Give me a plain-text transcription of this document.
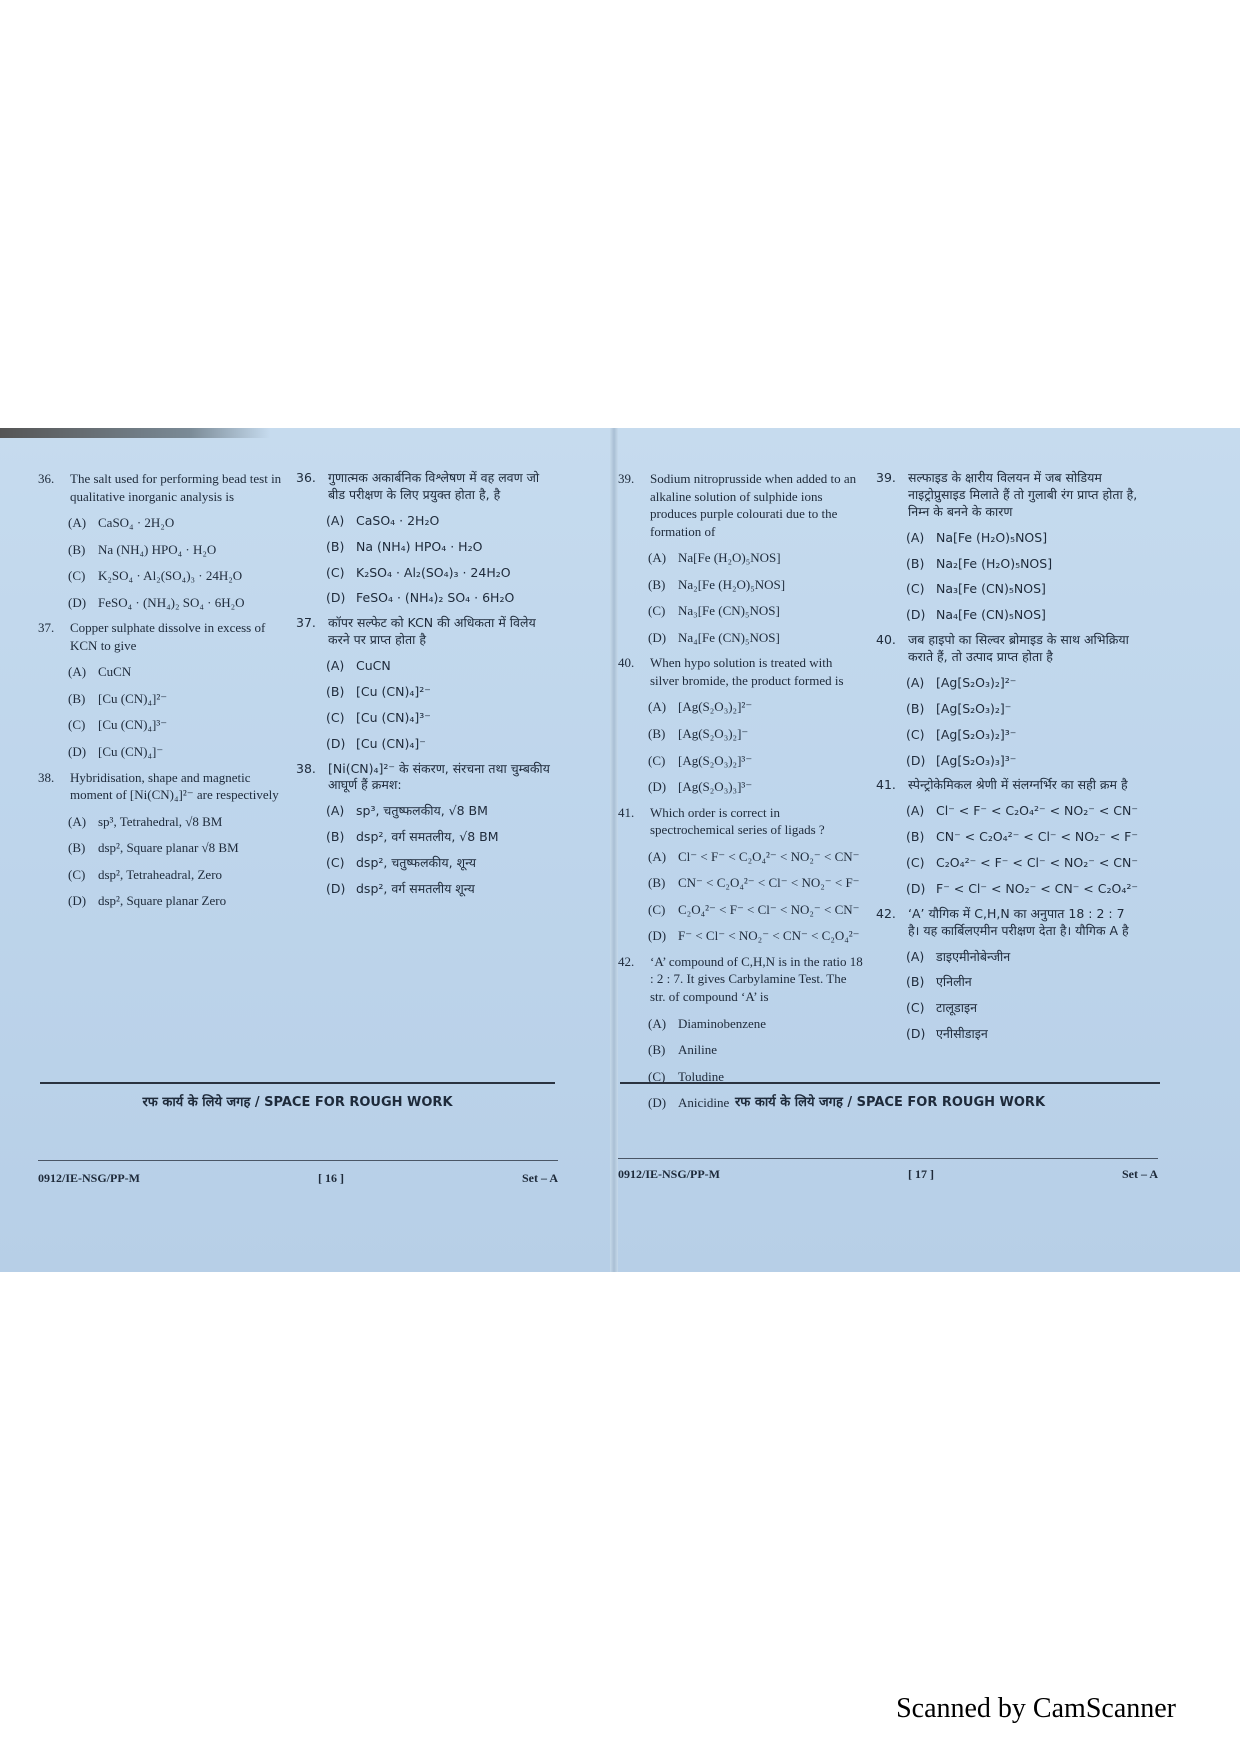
36.	The salt used for performing bead test in qualitative inorganic analysis is
(A) CaSO₄ · 2H₂O
(B) Na (NH₄) HPO₄ · H₂O
(C) K₂SO₄ · Al₂(SO₄)₃ · 24H₂O
(D) FeSO₄ · (NH₄)₂ SO₄ · 6H₂O
37.	Copper sulphate dissolve in excess of KCN to give
(A) CuCN
(B) [Cu (CN)₄]²⁻
(C) [Cu (CN)₄]³⁻
(D) [Cu (CN)₄]⁻
38.	Hybridisation, shape and magnetic moment of [Ni(CN)₄]²⁻ are respectively
(A) sp³, Tetrahedral, √8 BM
(B) dsp², Square planar √8 BM
(C) dsp², Tetraheadral, Zero
(D) dsp², Square planar Zero
36. गुणात्मक अकार्बनिक विश्लेषण में वह लवण जो बीड परीक्षण के लिए प्रयुक्त होता है, है
(A) CaSO₄ · 2H₂O
(B) Na (NH₄) HPO₄ · H₂O
(C) K₂SO₄ · Al₂(SO₄)₃ · 24H₂O
(D) FeSO₄ · (NH₄)₂ SO₄ · 6H₂O
37. कॉपर सल्फेट को KCN की अधिकता में विलेय करने पर प्राप्त होता है
(A) CuCN
(B) [Cu (CN)₄]²⁻
(C) [Cu (CN)₄]³⁻
(D) [Cu (CN)₄]⁻
38. [Ni(CN)₄]²⁻ के संकरण, संरचना तथा चुम्बकीय आघूर्ण हैं क्रमश:
(A) sp³, चतुष्फलकीय, √8 BM
(B) dsp², वर्ग समतलीय, √8 BM
(C) dsp², चतुष्फलकीय, शून्य
(D) dsp², वर्ग समतलीय शून्य
39.	Sodium nitroprusside when added to an alkaline solution of sulphide ions produces purple colourati due to the formation of
(A) Na[Fe (H₂O)₅NOS]
(B) Na₂[Fe (H₂O)₅NOS]
(C) Na₃[Fe (CN)₅NOS]
(D) Na₄[Fe (CN)₅NOS]
40.	When hypo solution is treated with silver bromide, the product formed is
(A) [Ag(S₂O₃)₂]²⁻
(B) [Ag(S₂O₃)₂]⁻
(C) [Ag(S₂O₃)₂]³⁻
(D) [Ag(S₂O₃)₃]³⁻
41.	Which order is correct in spectrochemical series of ligads ?
(A) Cl⁻ < F⁻ < C₂O₄²⁻ < NO₂⁻ < CN⁻
(B) CN⁻ < C₂O₄²⁻ < Cl⁻ < NO₂⁻ < F⁻
(C) C₂O₄²⁻ < F⁻ < Cl⁻ < NO₂⁻ < CN⁻
(D) F⁻ < Cl⁻ < NO₂⁻ < CN⁻ < C₂O₄²⁻
42.	‘A’ compound of C,H,N is in the ratio 18 : 2 : 7. It gives Carbylamine Test. The str. of compound ‘A’ is
(A) Diaminobenzene
(B) Aniline
(C) Toludine
(D) Anicidine
39. सल्फाइड के क्षारीय विलयन में जब सोडियम नाइट्रोप्रुसाइड मिलाते हैं तो गुलाबी रंग प्राप्त होता है, निम्न के बनने के कारण
(A) Na[Fe (H₂O)₅NOS]
(B) Na₂[Fe (H₂O)₅NOS]
(C) Na₃[Fe (CN)₅NOS]
(D) Na₄[Fe (CN)₅NOS]
40. जब हाइपो का सिल्वर ब्रोमाइड के साथ अभिक्रिया कराते हैं, तो उत्पाद प्राप्त होता है
(A) [Ag[S₂O₃)₂]²⁻
(B) [Ag[S₂O₃)₂]⁻
(C) [Ag[S₂O₃)₂]³⁻
(D) [Ag[S₂O₃)₃]³⁻
41. स्पेन्ट्रोकेमिकल श्रेणी में संलग्नर्भिर का सही क्रम है
(A) Cl⁻ < F⁻ < C₂O₄²⁻ < NO₂⁻ < CN⁻
(B) CN⁻ < C₂O₄²⁻ < Cl⁻ < NO₂⁻ < F⁻
(C) C₂O₄²⁻ < F⁻ < Cl⁻ < NO₂⁻ < CN⁻
(D) F⁻ < Cl⁻ < NO₂⁻ < CN⁻ < C₂O₄²⁻
42. ‘A’ यौगिक में C,H,N का अनुपात 18 : 2 : 7 है। यह कार्बिलएमीन परीक्षण देता है। यौगिक A है
(A) डाइएमीनोबेन्जीन
(B) एनिलीन
(C) टालूडाइन
(D) एनीसीडाइन
रफ कार्य के लिये जगह / SPACE FOR ROUGH WORK	रफ कार्य के लिये जगह / SPACE FOR ROUGH WORK
0912/IE-NSG/PP-M	[ 16 ]	Set – A	0912/IE-NSG/PP-M	[ 17 ]	Set – A
Scanned by CamScanner
